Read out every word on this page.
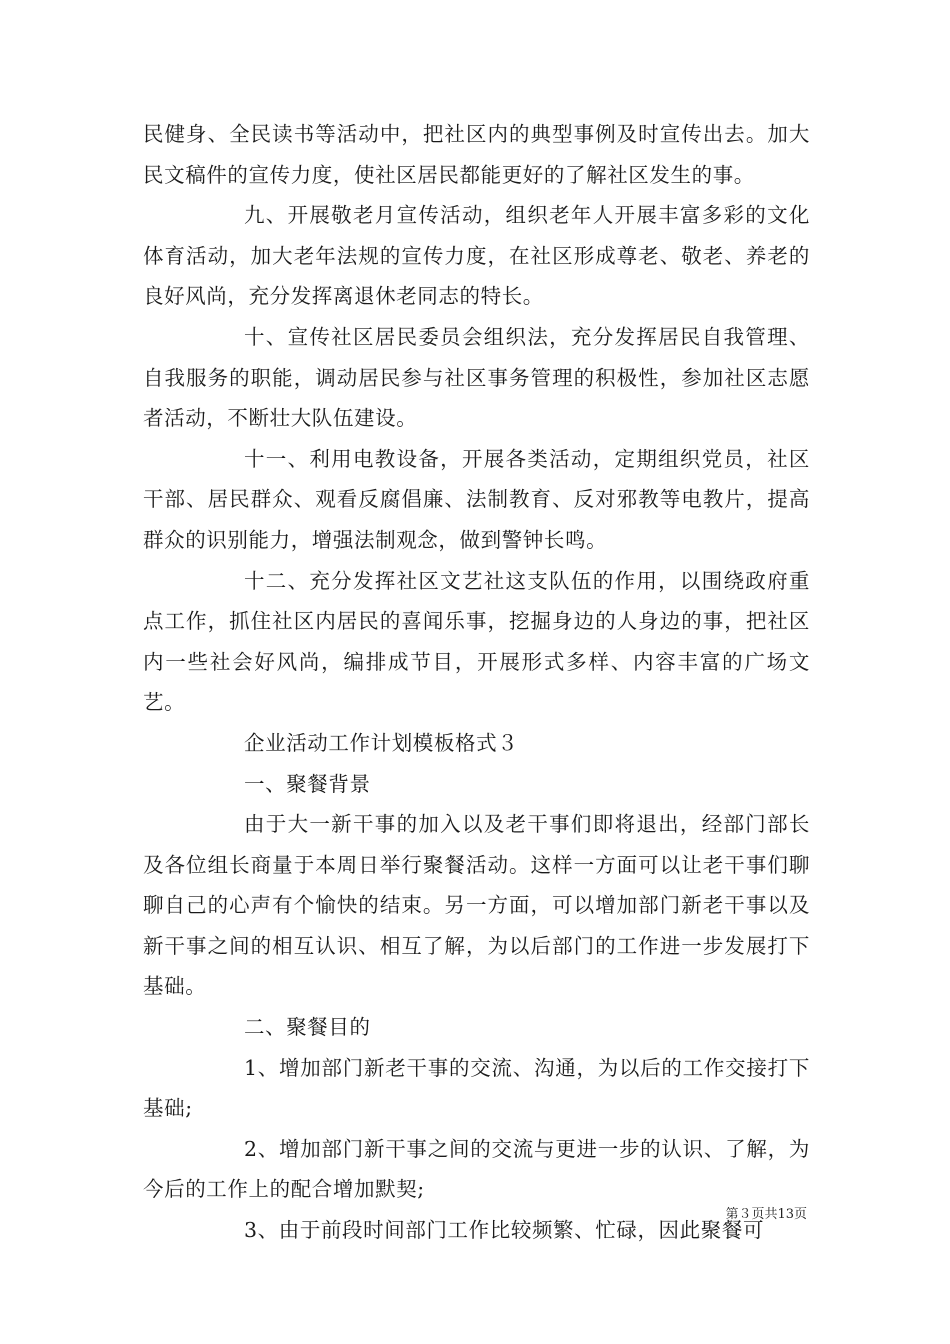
民健身、全民读书等活动中，把社区内的典型事例及时宣传出去。加大民文稿件的宣传力度，使社区居民都能更好的了解社区发生的事。

九、开展敬老月宣传活动，组织老年人开展丰富多彩的文化体育活动，加大老年法规的宣传力度，在社区形成尊老、敬老、养老的良好风尚，充分发挥离退休老同志的特长。

十、宣传社区居民委员会组织法，充分发挥居民自我管理、自我服务的职能，调动居民参与社区事务管理的积极性，参加社区志愿者活动，不断壮大队伍建设。

十一、利用电教设备，开展各类活动，定期组织党员，社区干部、居民群众、观看反腐倡廉、法制教育、反对邪教等电教片，提高群众的识别能力，增强法制观念，做到警钟长鸣。

十二、充分发挥社区文艺社这支队伍的作用，以围绕政府重点工作，抓住社区内居民的喜闻乐事，挖掘身边的人身边的事，把社区内一些社会好风尚，编排成节目，开展形式多样、内容丰富的广场文艺。

企业活动工作计划模板格式３

一、聚餐背景

由于大一新干事的加入以及老干事们即将退出，经部门部长及各位组长商量于本周日举行聚餐活动。这样一方面可以让老干事们聊聊自己的心声有个愉快的结束。另一方面，可以增加部门新老干事以及新干事之间的相互认识、相互了解，为以后部门的工作进一步发展打下基础。

二、聚餐目的

1、增加部门新老干事的交流、沟通，为以后的工作交接打下基础;

2、增加部门新干事之间的交流与更进一步的认识、了解，为今后的工作上的配合增加默契;

3、由于前段时间部门工作比较频繁、忙碌，因此聚餐可

第３页共13页
